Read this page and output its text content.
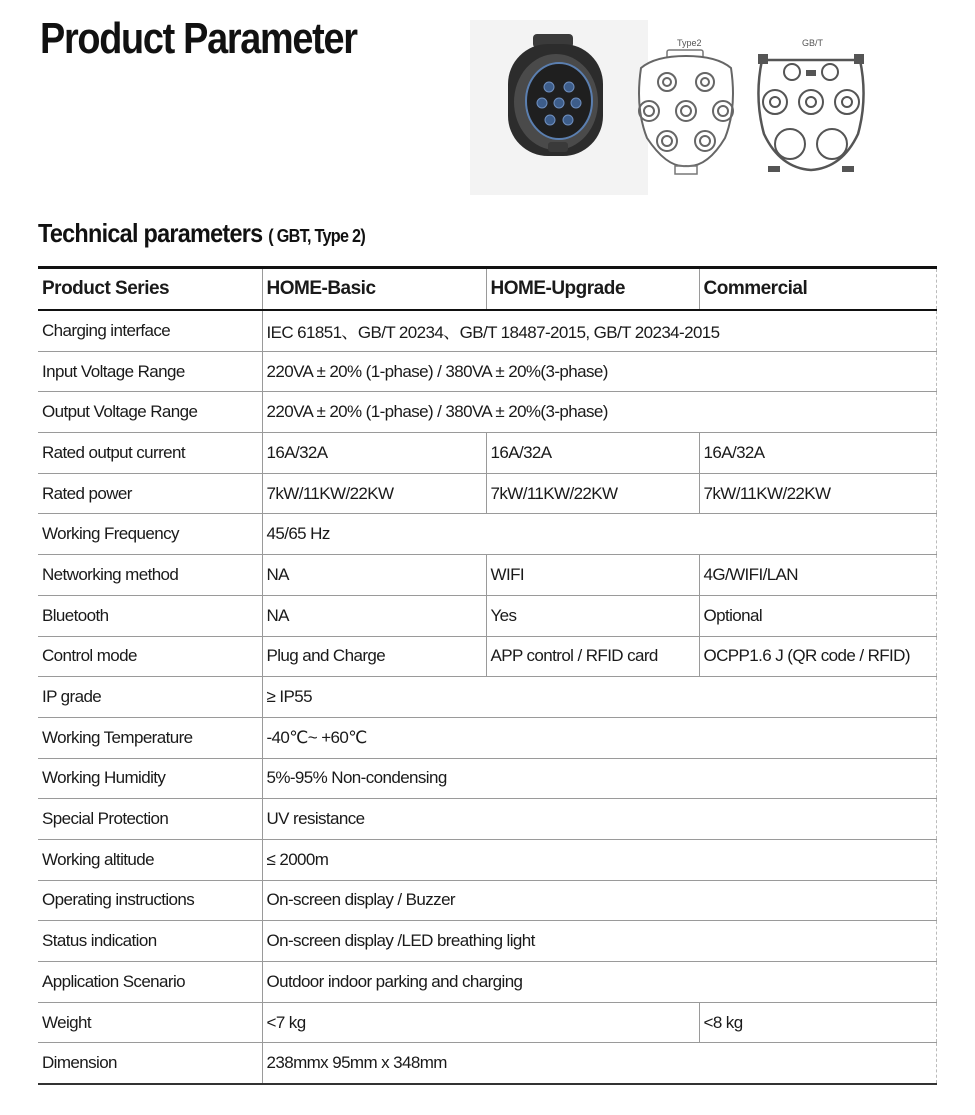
Product Parameter	Type2	GB/T
Technical parameters ( GBT, Type 2)
Product Series	HOME-Basic	HOME-Upgrade	Commercial
Charging interface	IEC 61851、GB/T 20234、GB/T 18487-2015, GB/T 20234-2015		
Input Voltage Range	220VA ± 20% (1-phase) / 380VA ± 20%(3-phase)		
Output Voltage Range	220VA ± 20% (1-phase) / 380VA ± 20%(3-phase)		
Rated output current	16A/32A	16A/32A	16A/32A
Rated power	7kW/11KW/22KW	7kW/11KW/22KW	7kW/11KW/22KW
Working Frequency	45/65 Hz		
Networking method	NA	WIFI	4G/WIFI/LAN
Bluetooth	NA	Yes	Optional
Control mode	Plug and Charge	APP control / RFID card	OCPP1.6 J (QR code / RFID)
IP grade	≥ IP55		
Working Temperature	-40℃~ +60℃		
Working Humidity	5%-95% Non-condensing		
Special Protection	UV resistance		
Working altitude	≤ 2000m		
Operating instructions	On-screen display / Buzzer		
Status indication	On-screen display /LED breathing light		
Application Scenario	Outdoor indoor parking and charging		
Weight	<7 kg		<8 kg
Dimension	238mmx 95mm x 348mm		
